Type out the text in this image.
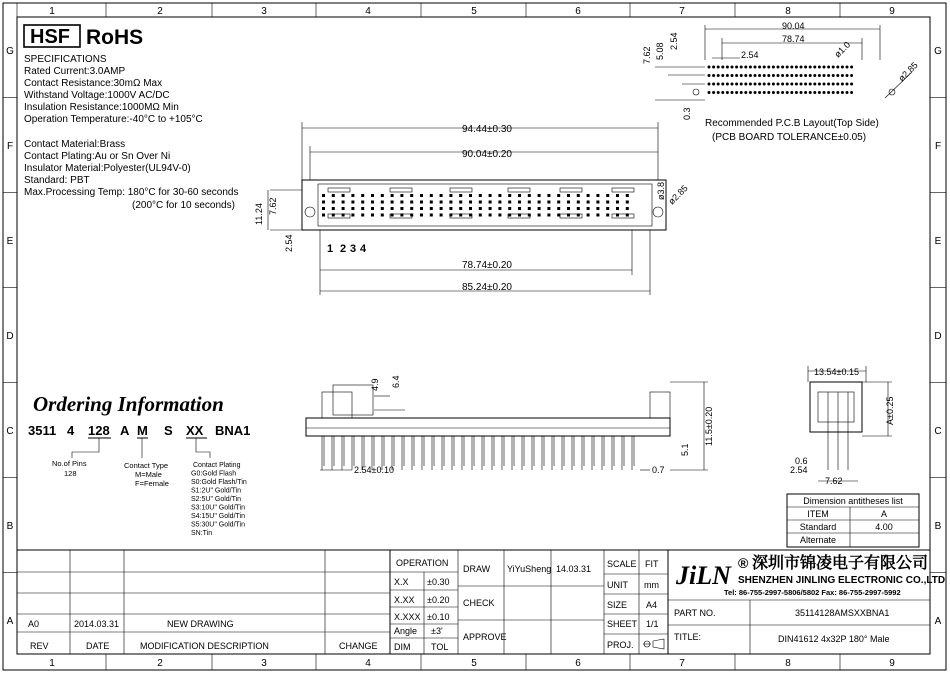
1
1
2
2
3
3
4
4
5
5
6
6
7
7
8
8
9
9
G	G
F	F
E	E
D	D
C	C
B	B
A	A
HSF RoHS
SPECIFICATIONS
Rated Current:3.0AMP
Contact Resistance:30mΩ Max
Withstand Voltage:1000V AC/DC
Insulation Resistance:1000MΩ Min
Operation Temperature:-40°C to +105°C
Contact Material:Brass
Contact Plating:Au or Sn Over Ni
Insulator Material:Polyester(UL94V-0)
Standard: PBT
Max.Processing Temp: 180°C for 30-60 seconds
(200°C for 10 seconds)
90.04
78.74
2.54	ø1.0
ø2.85
7.62 5.08
2.54
0.3
Recommended P.C.B Layout(Top Side)
(PCB BOARD TOLERANCE±0.05)
94.44±0.30
90.04±0.20
78.74±0.20
85.24±0.20
11.24 7.62
2.54
ø3.8 ø2.85
1 2 3 4
Ordering Information
3511 4 128 A M S XX BNA1
No.of Pins
128
Contact Type
M=Male
F=Female
Contact Plating
G0:Gold Flash
S0:Gold Flash/Tin
S1:2U" Gold/Tin
S2:5U" Gold/Tin
S3:10U" Gold/Tin
S4:15U" Gold/Tin
S5:30U" Gold/Tin
SN:Tin
4.9 6.4
11.5±0.20
5.1
2.54±0.10	0.7
13.54±0.15
A±0.25
0.6
2.54
7.62
Dimension antitheses list
ITEM	A
Standard	4.00
Alternate
A0	2014.03.31	NEW DRAWING
REV	DATE	MODIFICATION DESCRIPTION	CHANGE
OPERATION
X.X ±0.30
X.XX ±0.20
X.XXX ±0.10
Angle ±3'
DIM TOL
DRAW
CHECK
APPROVE
YiYuSheng 14.03.31 SCALE FIT
UNIT mm
SIZE A4
SHEET 1/1
PROJ.
JiLN ® 深圳市锦凌电子有限公司
SHENZHEN JINLING ELECTRONIC CO.,LTD
Tel: 86-755-2997-5806/5802 Fax: 86-755-2997-5992
PART NO.	35114128AMSXXBNA1
TITLE:	DIN41612 4x32P 180° Male
